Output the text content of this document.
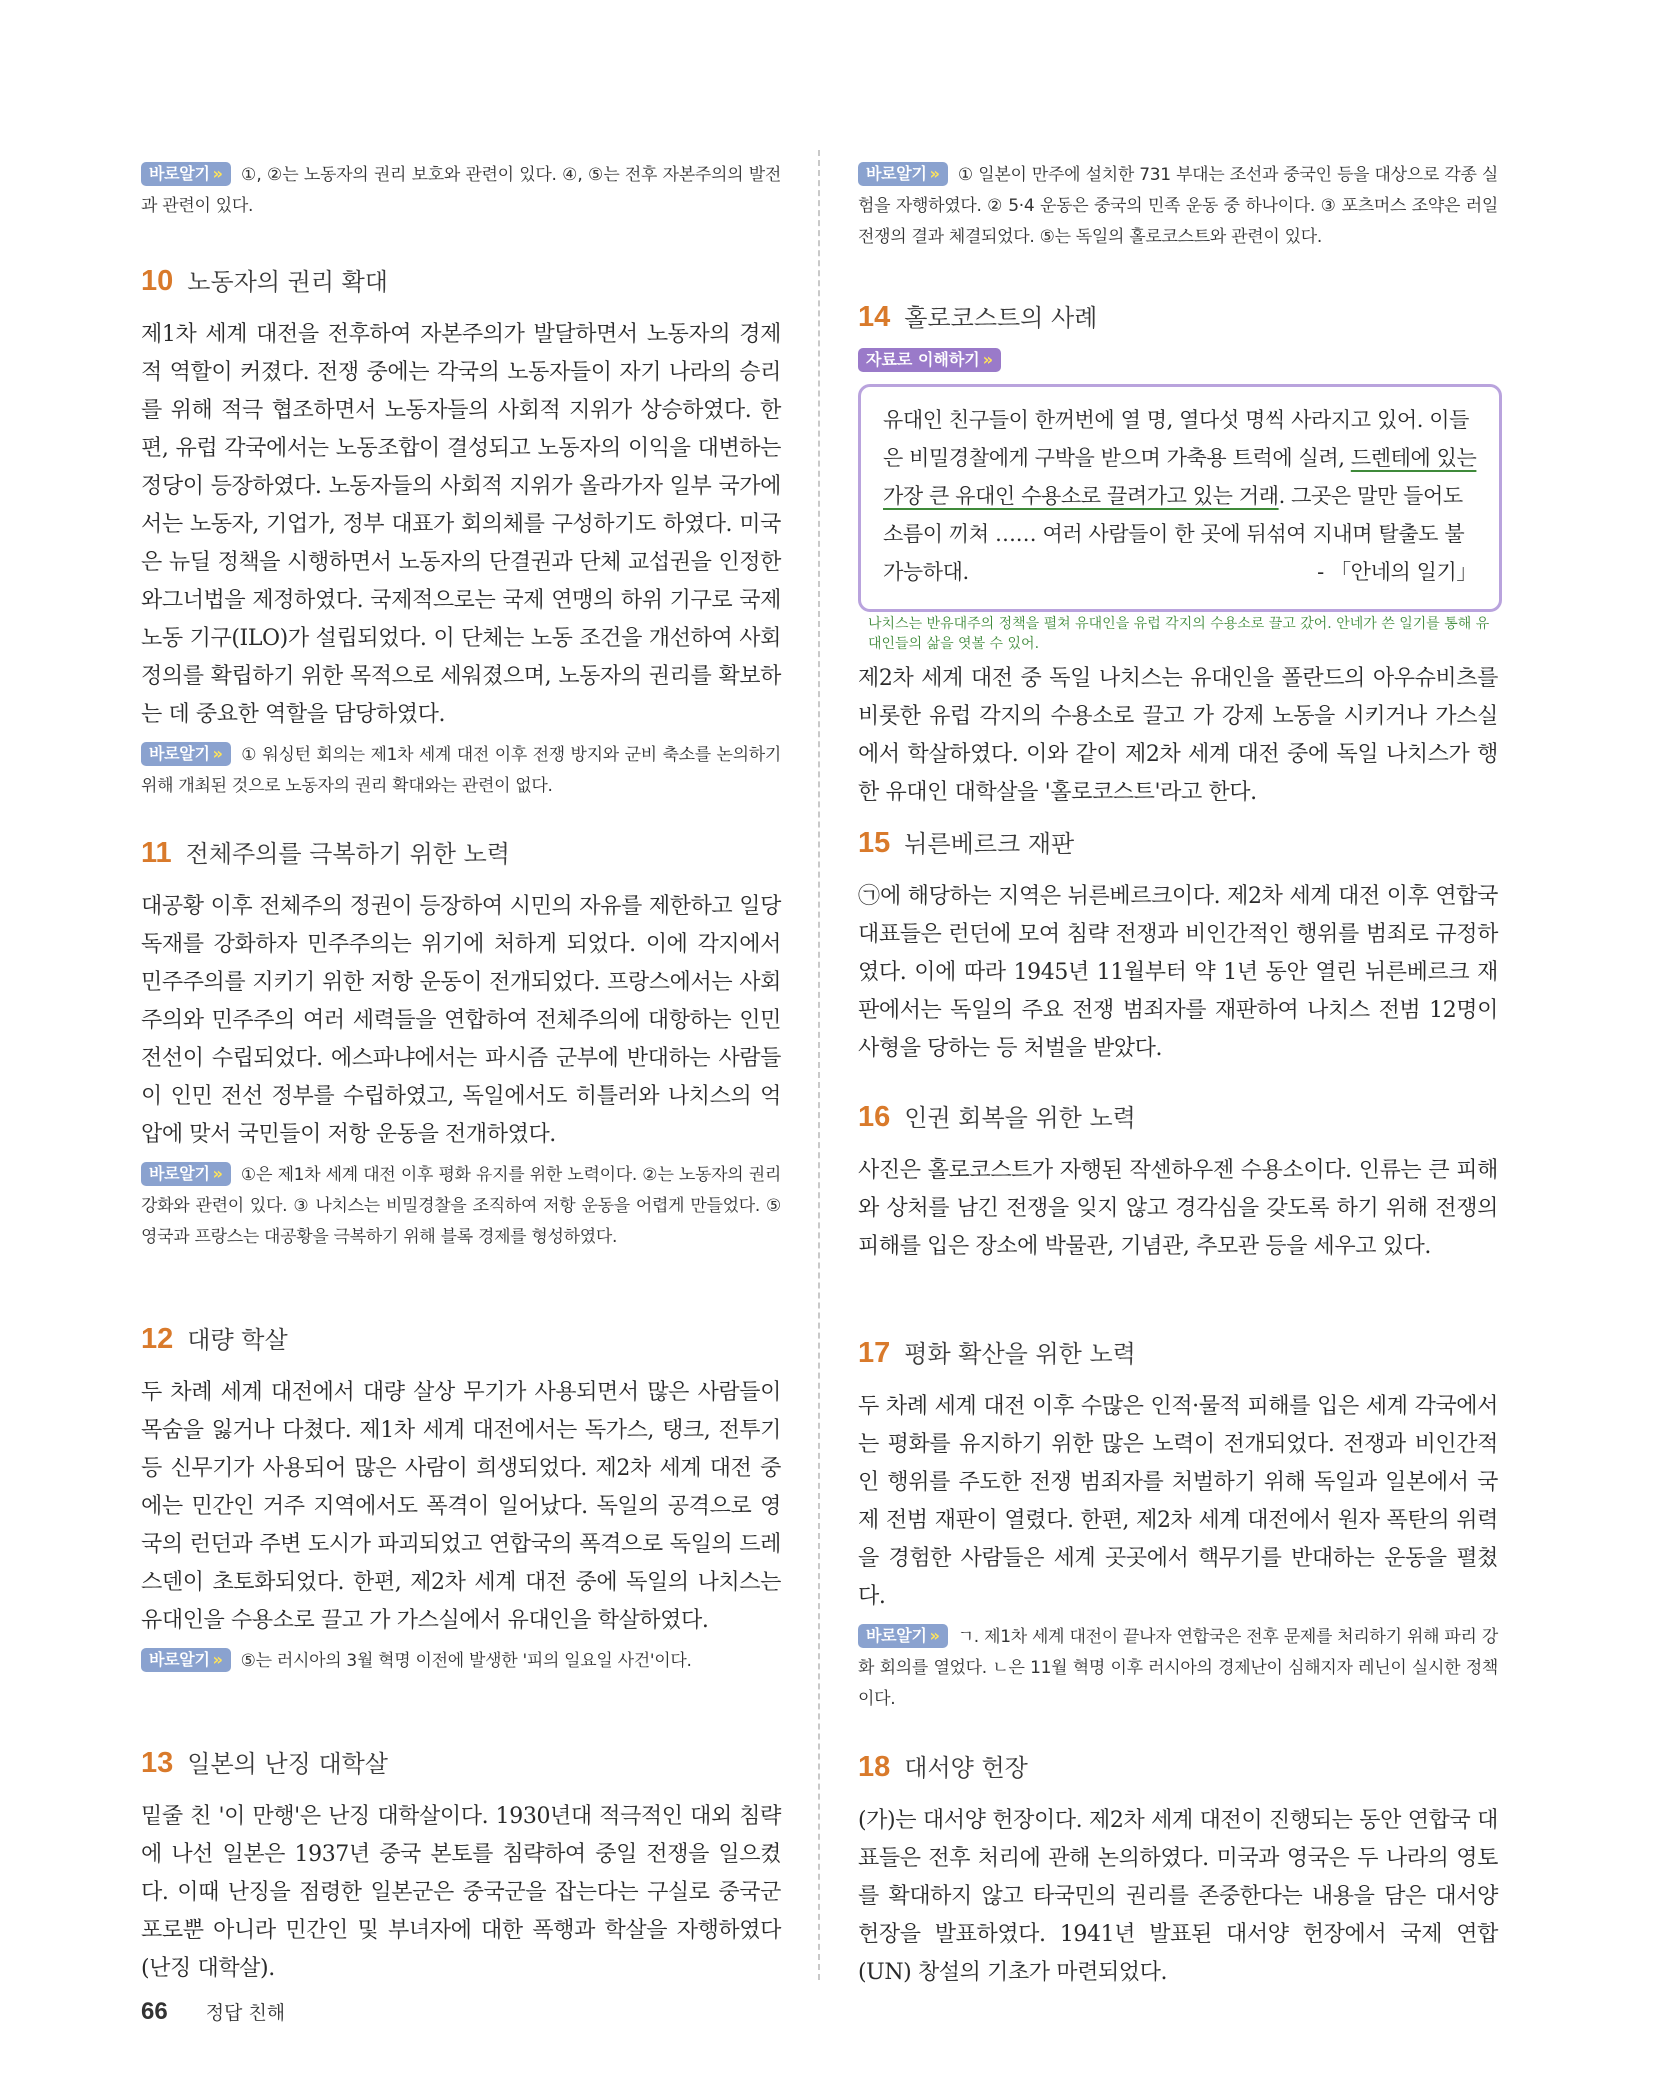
바로알기 » ①, ②는 노동자의 권리 보호와 관련이 있다. ④, ⑤는 전후 자본주의의 발전과 관련이 있다.
10 노동자의 권리 확대

제1차 세계 대전을 전후하여 자본주의가 발달하면서 노동자의 경제적 역할이 커졌다. 전쟁 중에는 각국의 노동자들이 자기 나라의 승리를 위해 적극 협조하면서 노동자들의 사회적 지위가 상승하였다. 한편, 유럽 각국에서는 노동조합이 결성되고 노동자의 이익을 대변하는 정당이 등장하였다. 노동자들의 사회적 지위가 올라가자 일부 국가에서는 노동자, 기업가, 정부 대표가 회의체를 구성하기도 하였다. 미국은 뉴딜 정책을 시행하면서 노동자의 단결권과 단체 교섭권을 인정한 와그너법을 제정하였다. 국제적으로는 국제 연맹의 하위 기구로 국제 노동 기구(ILO)가 설립되었다. 이 단체는 노동 조건을 개선하여 사회 정의를 확립하기 위한 목적으로 세워졌으며, 노동자의 권리를 확보하는 데 중요한 역할을 담당하였다.

바로알기 » ① 워싱턴 회의는 제1차 세계 대전 이후 전쟁 방지와 군비 축소를 논의하기 위해 개최된 것으로 노동자의 권리 확대와는 관련이 없다.
11 전체주의를 극복하기 위한 노력

대공황 이후 전체주의 정권이 등장하여 시민의 자유를 제한하고 일당 독재를 강화하자 민주주의는 위기에 처하게 되었다. 이에 각지에서 민주주의를 지키기 위한 저항 운동이 전개되었다. 프랑스에서는 사회주의와 민주주의 여러 세력들을 연합하여 전체주의에 대항하는 인민 전선이 수립되었다. 에스파냐에서는 파시즘 군부에 반대하는 사람들이 인민 전선 정부를 수립하였고, 독일에서도 히틀러와 나치스의 억압에 맞서 국민들이 저항 운동을 전개하였다.

바로알기 » ①은 제1차 세계 대전 이후 평화 유지를 위한 노력이다. ②는 노동자의 권리 강화와 관련이 있다. ③ 나치스는 비밀경찰을 조직하여 저항 운동을 어렵게 만들었다. ⑤ 영국과 프랑스는 대공황을 극복하기 위해 블록 경제를 형성하였다.
12 대량 학살

두 차례 세계 대전에서 대량 살상 무기가 사용되면서 많은 사람들이 목숨을 잃거나 다쳤다. 제1차 세계 대전에서는 독가스, 탱크, 전투기 등 신무기가 사용되어 많은 사람이 희생되었다. 제2차 세계 대전 중에는 민간인 거주 지역에서도 폭격이 일어났다. 독일의 공격으로 영국의 런던과 주변 도시가 파괴되었고 연합국의 폭격으로 독일의 드레스덴이 초토화되었다. 한편, 제2차 세계 대전 중에 독일의 나치스는 유대인을 수용소로 끌고 가 가스실에서 유대인을 학살하였다.

바로알기 » ⑤는 러시아의 3월 혁명 이전에 발생한 '피의 일요일 사건'이다.
13 일본의 난징 대학살

밑줄 친 '이 만행'은 난징 대학살이다. 1930년대 적극적인 대외 침략에 나선 일본은 1937년 중국 본토를 침략하여 중일 전쟁을 일으켰다. 이때 난징을 점령한 일본군은 중국군을 잡는다는 구실로 중국군 포로뿐 아니라 민간인 및 부녀자에 대한 폭행과 학살을 자행하였다(난징 대학살).

바로알기 » ① 일본이 만주에 설치한 731 부대는 조선과 중국인 등을 대상으로 각종 실험을 자행하였다. ② 5·4 운동은 중국의 민족 운동 중 하나이다. ③ 포츠머스 조약은 러일 전쟁의 결과 체결되었다. ⑤는 독일의 홀로코스트와 관련이 있다.
14 홀로코스트의 사례
자료로 이해하기 »

유대인 친구들이 한꺼번에 열 명, 열다섯 명씩 사라지고 있어. 이들은 비밀경찰에게 구박을 받으며 가축용 트럭에 실려, 드렌테에 있는 가장 큰 유대인 수용소로 끌려가고 있는 거래. 그곳은 말만 들어도 소름이 끼쳐 …… 여러 사람들이 한 곳에 뒤섞여 지내며 탈출도 불가능하대.	- 「안네의 일기」

나치스는 반유대주의 정책을 펼쳐 유대인을 유럽 각지의 수용소로 끌고 갔어. 안네가 쓴 일기를 통해 유대인들의 삶을 엿볼 수 있어.

제2차 세계 대전 중 독일 나치스는 유대인을 폴란드의 아우슈비츠를 비롯한 유럽 각지의 수용소로 끌고 가 강제 노동을 시키거나 가스실에서 학살하였다. 이와 같이 제2차 세계 대전 중에 독일 나치스가 행한 유대인 대학살을 '홀로코스트'라고 한다.

15 뉘른베르크 재판

㉠에 해당하는 지역은 뉘른베르크이다. 제2차 세계 대전 이후 연합국 대표들은 런던에 모여 침략 전쟁과 비인간적인 행위를 범죄로 규정하였다. 이에 따라 1945년 11월부터 약 1년 동안 열린 뉘른베르크 재판에서는 독일의 주요 전쟁 범죄자를 재판하여 나치스 전범 12명이 사형을 당하는 등 처벌을 받았다.

16 인권 회복을 위한 노력

사진은 홀로코스트가 자행된 작센하우젠 수용소이다. 인류는 큰 피해와 상처를 남긴 전쟁을 잊지 않고 경각심을 갖도록 하기 위해 전쟁의 피해를 입은 장소에 박물관, 기념관, 추모관 등을 세우고 있다.

17 평화 확산을 위한 노력

두 차례 세계 대전 이후 수많은 인적·물적 피해를 입은 세계 각국에서는 평화를 유지하기 위한 많은 노력이 전개되었다. 전쟁과 비인간적인 행위를 주도한 전쟁 범죄자를 처벌하기 위해 독일과 일본에서 국제 전범 재판이 열렸다. 한편, 제2차 세계 대전에서 원자 폭탄의 위력을 경험한 사람들은 세계 곳곳에서 핵무기를 반대하는 운동을 펼쳤다.

바로알기 » ㄱ. 제1차 세계 대전이 끝나자 연합국은 전후 문제를 처리하기 위해 파리 강화 회의를 열었다. ㄴ은 11월 혁명 이후 러시아의 경제난이 심해지자 레닌이 실시한 정책이다.
18 대서양 헌장

(가)는 대서양 헌장이다. 제2차 세계 대전이 진행되는 동안 연합국 대표들은 전후 처리에 관해 논의하였다. 미국과 영국은 두 나라의 영토를 확대하지 않고 타국민의 권리를 존중한다는 내용을 담은 대서양 헌장을 발표하였다. 1941년 발표된 대서양 헌장에서 국제 연합(UN) 창설의 기초가 마련되었다.

66 정답 친해
